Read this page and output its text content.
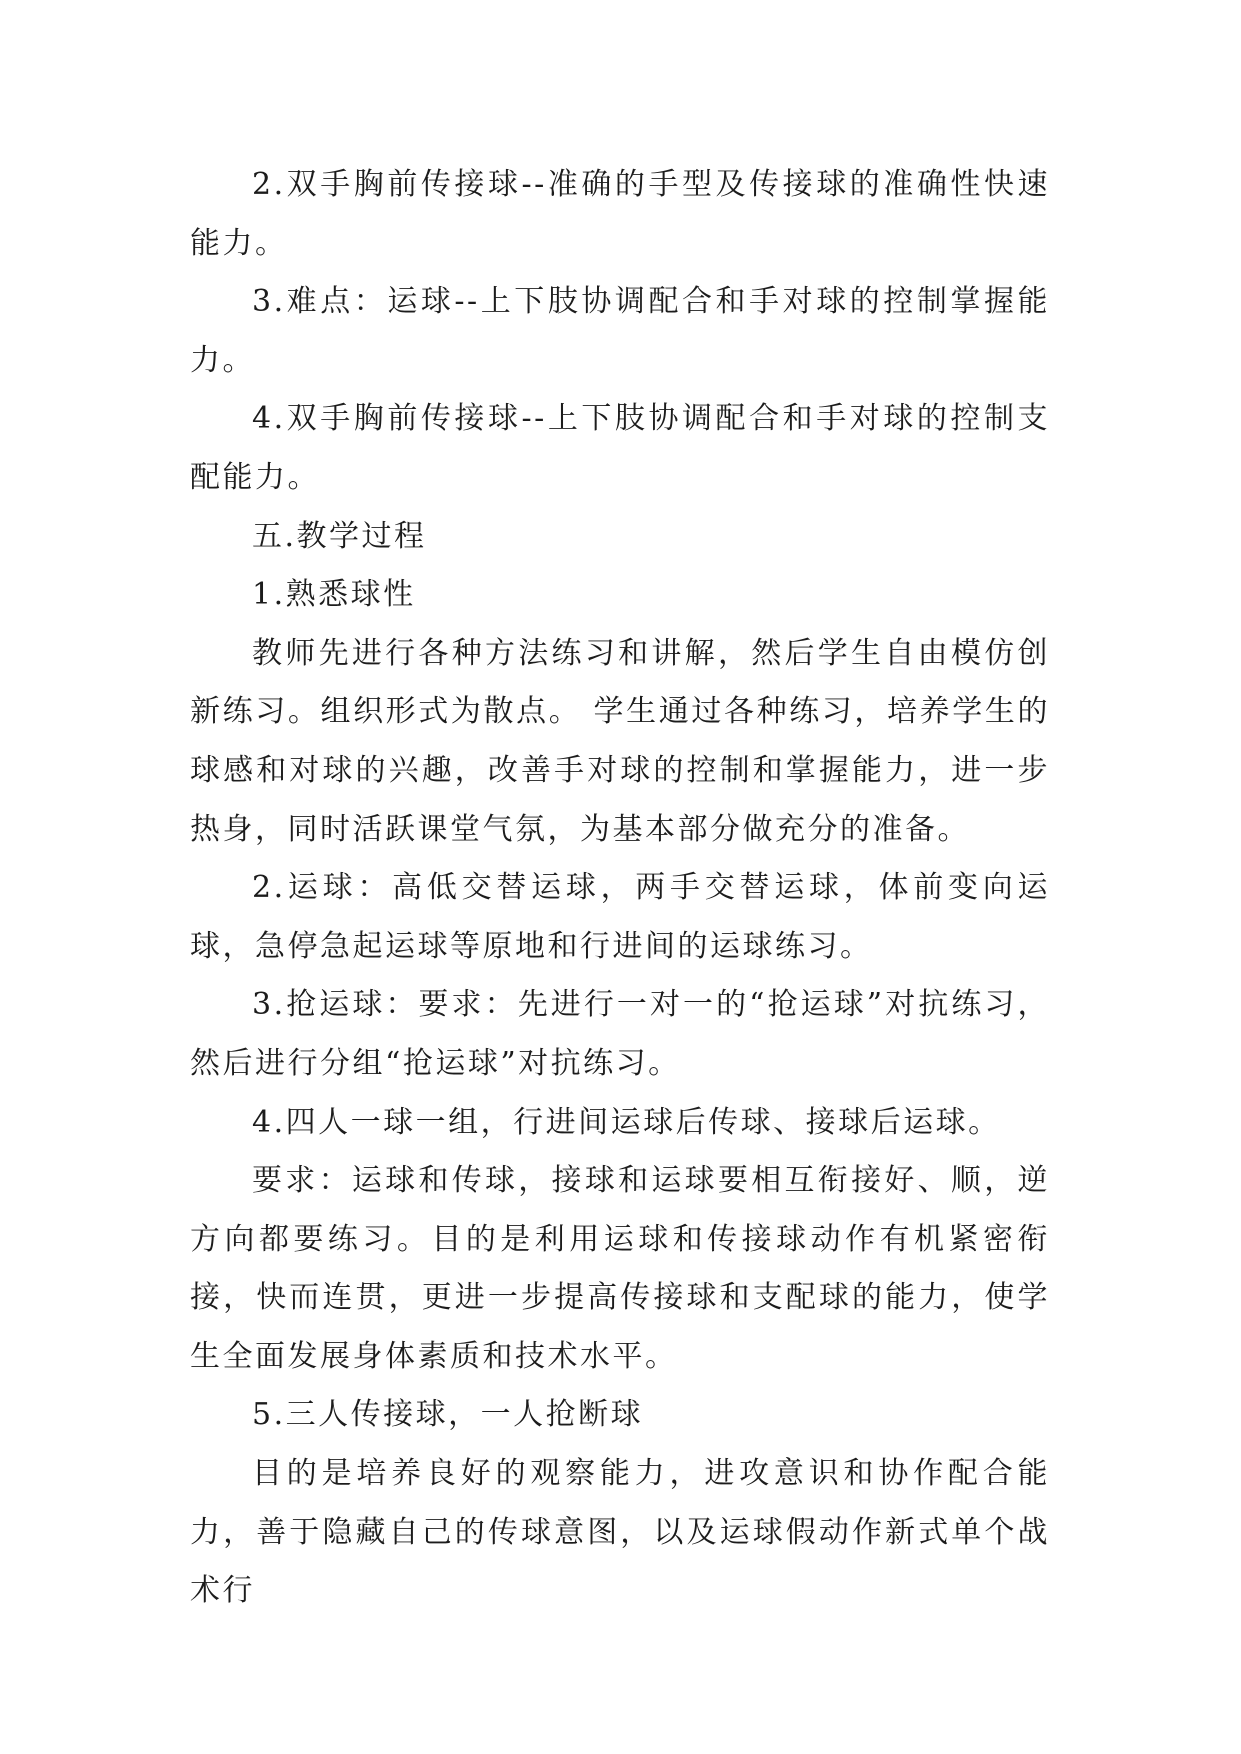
2.双手胸前传接球--准确的手型及传接球的准确性快速能力。

3.难点：运球--上下肢协调配合和手对球的控制掌握能力。

4.双手胸前传接球--上下肢协调配合和手对球的控制支配能力。

五.教学过程

1.熟悉球性

教师先进行各种方法练习和讲解，然后学生自由模仿创新练习。组织形式为散点。 学生通过各种练习，培养学生的球感和对球的兴趣，改善手对球的控制和掌握能力，进一步热身，同时活跃课堂气氛，为基本部分做充分的准备。

2.运球：高低交替运球，两手交替运球，体前变向运球，急停急起运球等原地和行进间的运球练习。

3.抢运球：要求：先进行一对一的“抢运球”对抗练习，然后进行分组“抢运球”对抗练习。

4.四人一球一组，行进间运球后传球、接球后运球。

要求：运球和传球，接球和运球要相互衔接好、顺，逆方向都要练习。目的是利用运球和传接球动作有机紧密衔接，快而连贯，更进一步提高传接球和支配球的能力，使学生全面发展身体素质和技术水平。

5.三人传接球，一人抢断球

目的是培养良好的观察能力，进攻意识和协作配合能力，善于隐藏自己的传球意图，以及运球假动作新式单个战术行
